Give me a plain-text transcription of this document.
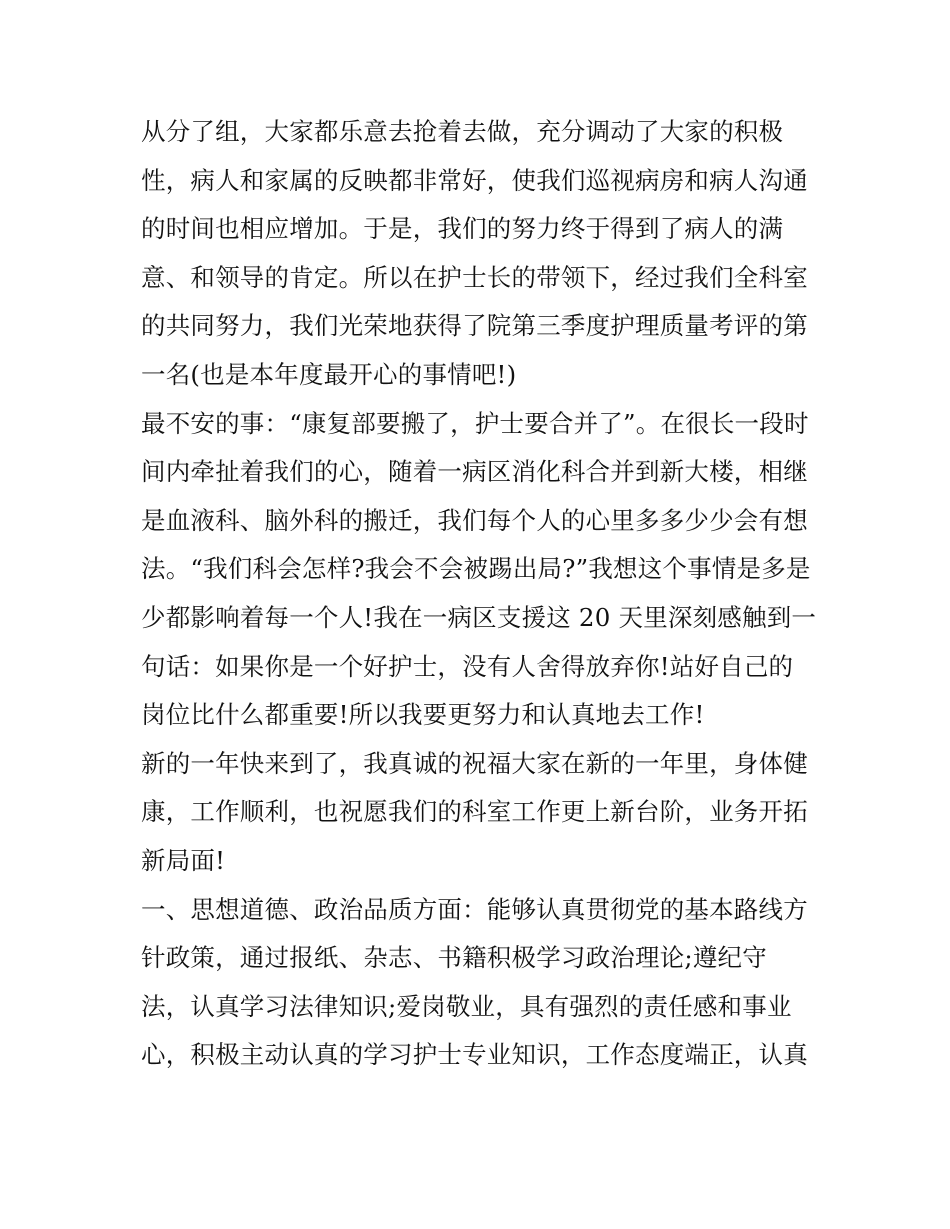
从分了组，大家都乐意去抢着去做，充分调动了大家的积极
性，病人和家属的反映都非常好，使我们巡视病房和病人沟通
的时间也相应增加。于是，我们的努力终于得到了病人的满
意、和领导的肯定。所以在护士长的带领下，经过我们全科室
的共同努力，我们光荣地获得了院第三季度护理质量考评的第
一名(也是本年度最开心的事情吧!)
最不安的事：“康复部要搬了，护士要合并了”。在很长一段时
间内牵扯着我们的心，随着一病区消化科合并到新大楼，相继
是血液科、脑外科的搬迁，我们每个人的心里多多少少会有想
法。“我们科会怎样?我会不会被踢出局?”我想这个事情是多是
少都影响着每一个人!我在一病区支援这 20 天里深刻感触到一
句话：如果你是一个好护士，没有人舍得放弃你!站好自己的
岗位比什么都重要!所以我要更努力和认真地去工作!
新的一年快来到了，我真诚的祝福大家在新的一年里，身体健
康，工作顺利，也祝愿我们的科室工作更上新台阶，业务开拓
新局面!
一、思想道德、政治品质方面：能够认真贯彻党的基本路线方
针政策，通过报纸、杂志、书籍积极学习政治理论;遵纪守
法，认真学习法律知识;爱岗敬业，具有强烈的责任感和事业
心，积极主动认真的学习护士专业知识，工作态度端正，认真
